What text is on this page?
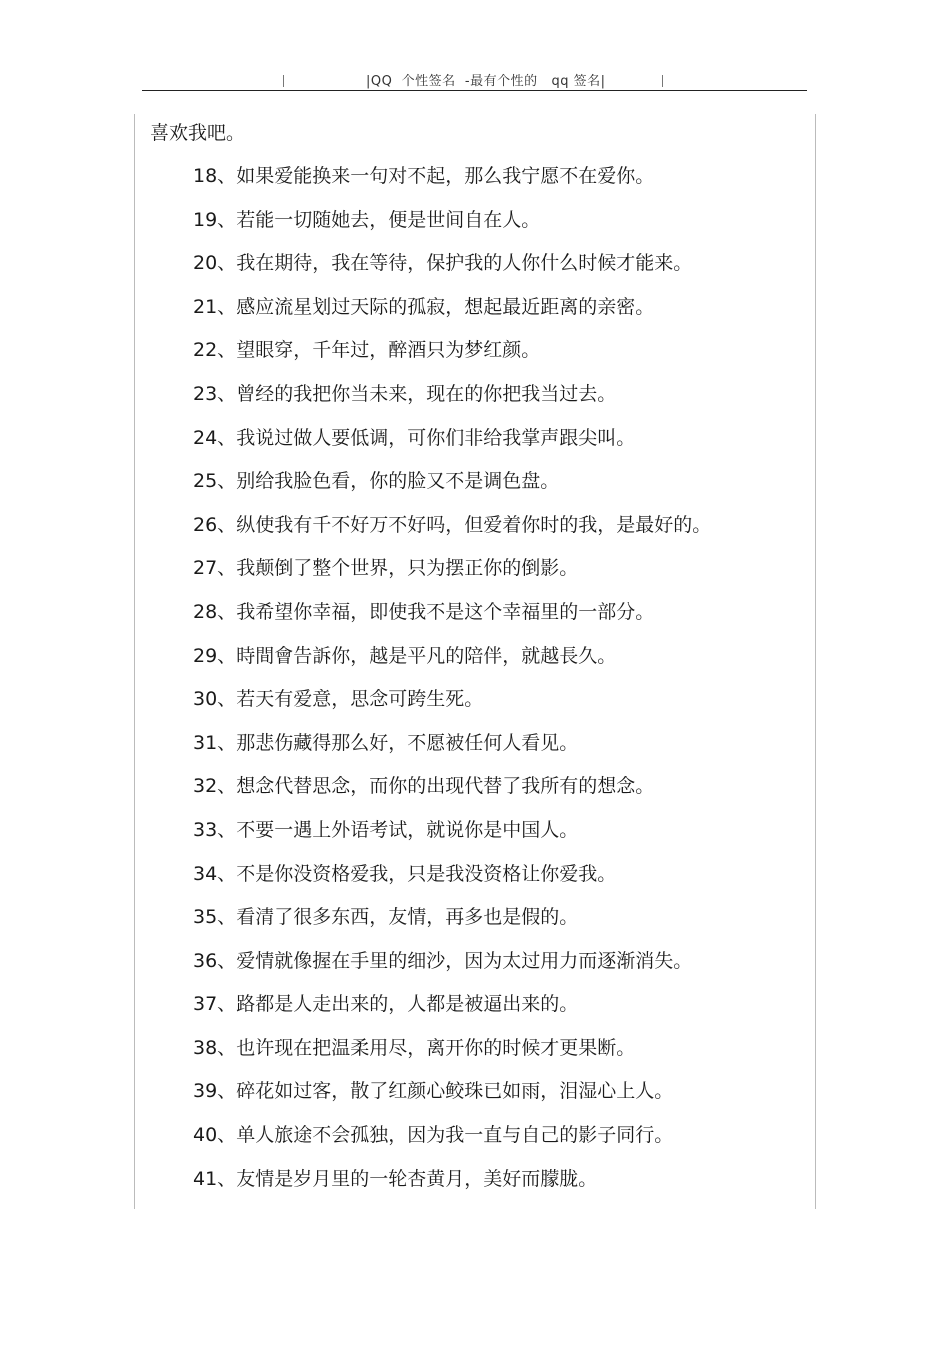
|QQ  个性签名  -最有个性的   qq 签名|
喜欢我吧。
18、如果爱能换来一句对不起，那么我宁愿不在爱你。
19、若能一切随她去，便是世间自在人。
20、我在期待，我在等待，保护我的人你什么时候才能来。
21、感应流星划过天际的孤寂，想起最近距离的亲密。
22、望眼穿，千年过，醉酒只为梦红颜。
23、曾经的我把你当未来，现在的你把我当过去。
24、我说过做人要低调，可你们非给我掌声跟尖叫。
25、别给我脸色看，你的脸又不是调色盘。
26、纵使我有千不好万不好吗，但爱着你时的我，是最好的。
27、我颠倒了整个世界，只为摆正你的倒影。
28、我希望你幸福，即使我不是这个幸福里的一部分。
29、時間會告訴你，越是平凡的陪伴，就越長久。
30、若天有爱意，思念可跨生死。
31、那悲伤藏得那么好，不愿被任何人看见。
32、想念代替思念，而你的出现代替了我所有的想念。
33、不要一遇上外语考试，就说你是中国人。
34、不是你没资格爱我，只是我没资格让你爱我。
35、看清了很多东西，友情，再多也是假的。
36、爱情就像握在手里的细沙，因为太过用力而逐渐消失。
37、路都是人走出来的，人都是被逼出来的。
38、也许现在把温柔用尽，离开你的时候才更果断。
39、碎花如过客，散了红颜心鲛珠已如雨，泪湿心上人。
40、单人旅途不会孤独，因为我一直与自己的影子同行。
41、友情是岁月里的一轮杏黄月，美好而朦胧。
